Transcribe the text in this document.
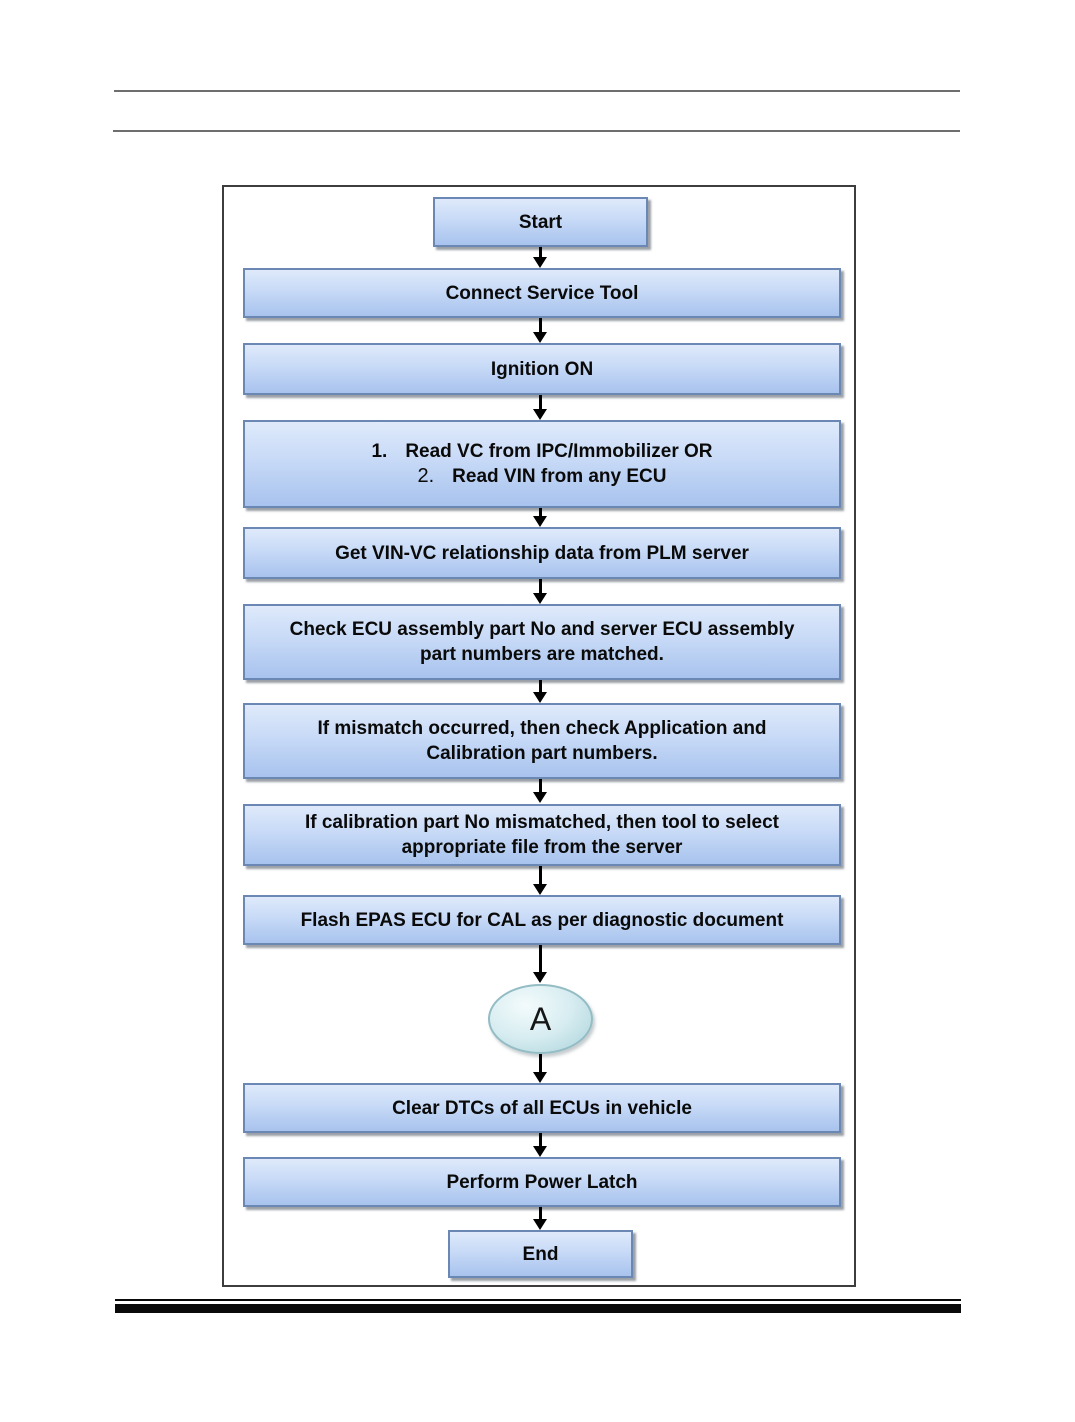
Start
Connect Service Tool
Ignition ON
1. Read VC from IPC/Immobilizer OR
2. Read VIN from any ECU
Get VIN-VC relationship data from PLM server
Check ECU assembly part No and server ECU assembly
part numbers are matched.
If mismatch occurred, then check Application and
Calibration part numbers.
If calibration part No mismatched, then tool to select
appropriate file from the server
Flash EPAS ECU for CAL as per diagnostic document
A
Clear DTCs of all ECUs in vehicle
Perform Power Latch
End
